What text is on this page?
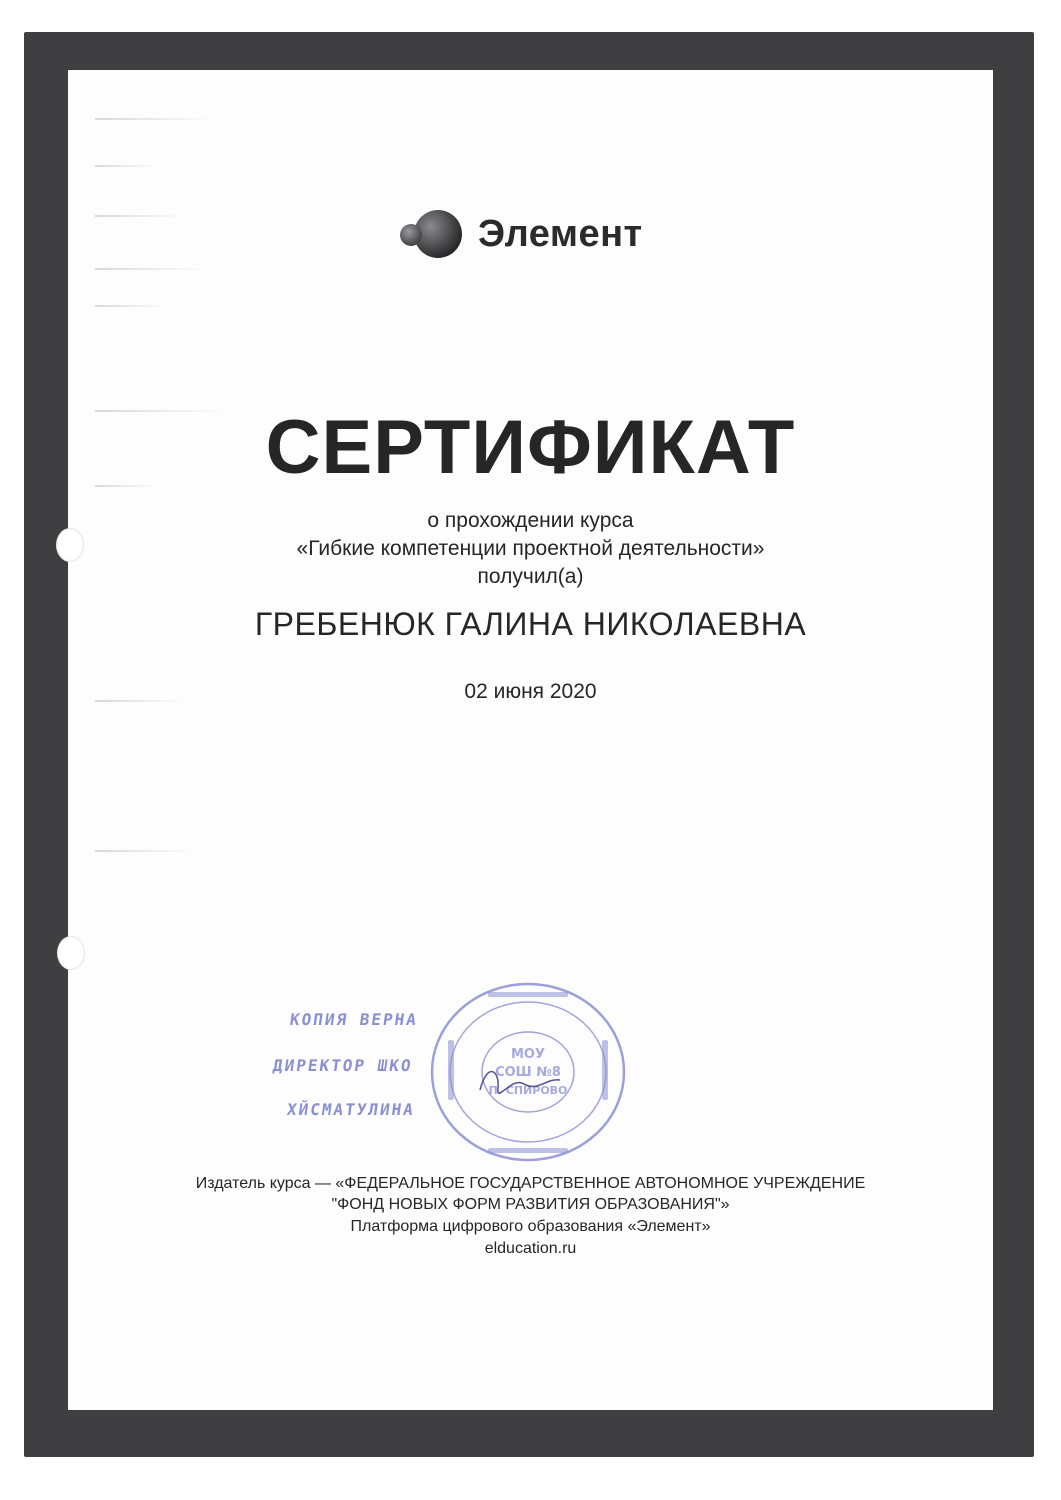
Элемент
СЕРТИФИКАТ
о прохождении курса
«Гибкие компетенции проектной деятельности»
получил(а)
ГРЕБЕНЮК ГАЛИНА НИКОЛАЕВНА
02 июня 2020
КОПИЯ ВЕРНА
ДИРЕКТОР ШКО
ХЙСМАТУЛИНА
МОУ
СОШ №8
П. СПИРОВО
Издатель курса — «ФЕДЕРАЛЬНОЕ ГОСУДАРСТВЕННОЕ АВТОНОМНОЕ УЧРЕЖДЕНИЕ
"ФОНД НОВЫХ ФОРМ РАЗВИТИЯ ОБРАЗОВАНИЯ"»
Платформа цифрового образования «Элемент»
elducation.ru
